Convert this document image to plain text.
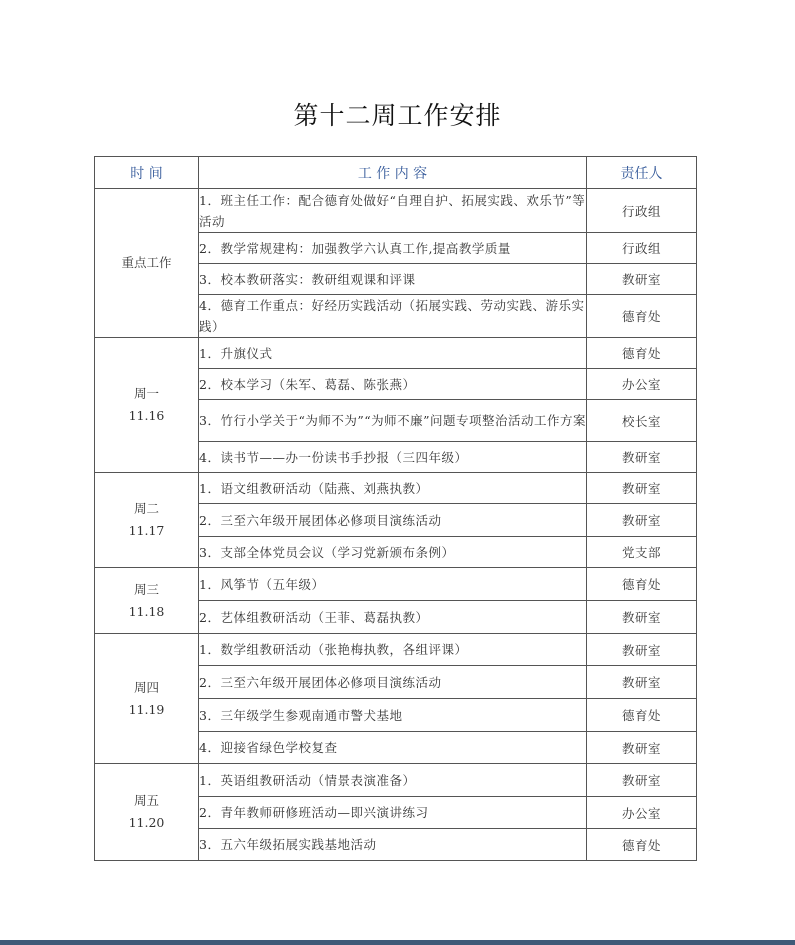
第十二周工作安排
时 间	工 作 内 容	责任人

重点工作	1．班主任工作：配合德育处做好“自理自护、拓展实践、欢乐节”等活动	行政组
	2．教学常规建构：加强教学六认真工作,提高教学质量	行政组
	3．校本教研落实：教研组观课和评课	教研室
	4．德育工作重点：好经历实践活动（拓展实践、劳动实践、游乐实践）	德育处

周一
11.16	1．升旗仪式	德育处
	2．校本学习（朱军、葛磊、陈张燕）	办公室
	3．竹行小学关于“为师不为”“为师不廉”问题专项整治活动工作方案	校长室
	4．读书节——办一份读书手抄报（三四年级）	教研室

周二
11.17	1．语文组教研活动（陆燕、刘燕执教）	教研室
	2．三至六年级开展团体必修项目演练活动	教研室
	3．支部全体党员会议（学习党新颁布条例）	党支部

周三
11.18	1．风筝节（五年级）	德育处
	2．艺体组教研活动（王菲、葛磊执教）	教研室

周四
11.19	1．数学组教研活动（张艳梅执教，各组评课）	教研室
	2．三至六年级开展团体必修项目演练活动	教研室
	3．三年级学生参观南通市警犬基地	德育处
	4．迎接省绿色学校复查	教研室

周五
11.20	1．英语组教研活动（情景表演准备）	教研室
	2．青年教师研修班活动—即兴演讲练习	办公室
	3．五六年级拓展实践基地活动	德育处
